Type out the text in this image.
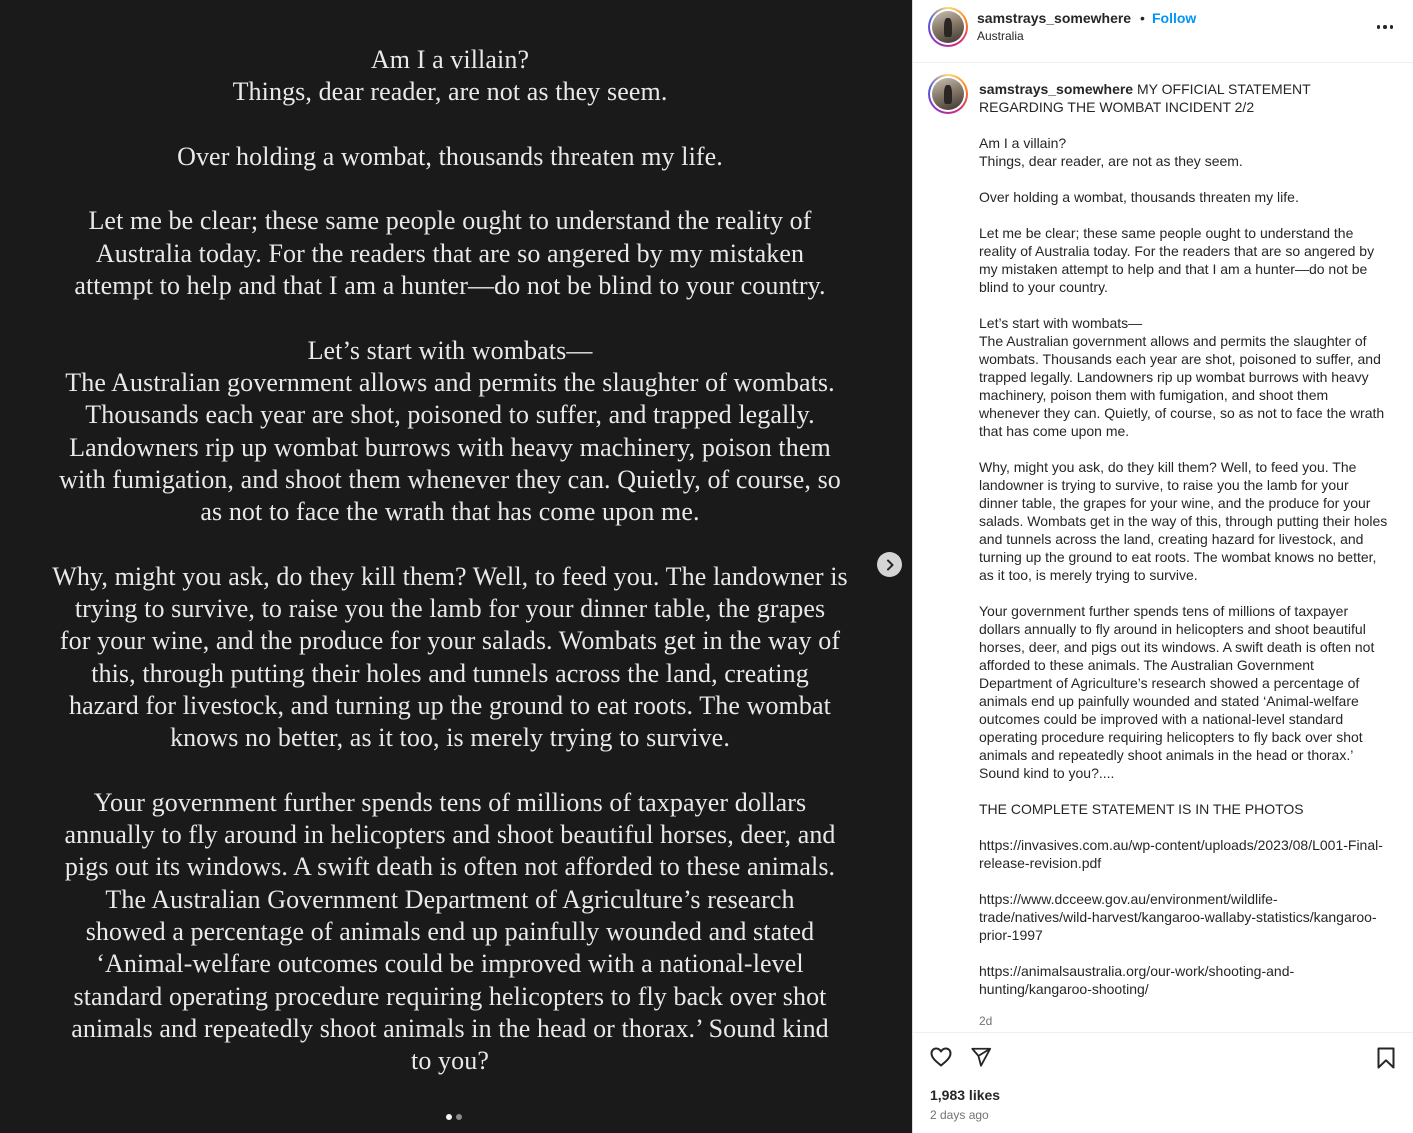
Am I a villain?
Things, dear reader, are not as they seem.

Over holding a wombat, thousands threaten my life.

Let me be clear; these same people ought to understand the reality of
Australia today. For the readers that are so angered by my mistaken
attempt to help and that I am a hunter—do not be blind to your country.

Let’s start with wombats—
The Australian government allows and permits the slaughter of wombats.
Thousands each year are shot, poisoned to suffer, and trapped legally.
Landowners rip up wombat burrows with heavy machinery, poison them
with fumigation, and shoot them whenever they can. Quietly, of course, so
as not to face the wrath that has come upon me.

Why, might you ask, do they kill them? Well, to feed you. The landowner is
trying to survive, to raise you the lamb for your dinner table, the grapes
for your wine, and the produce for your salads. Wombats get in the way of
this, through putting their holes and tunnels across the land, creating
hazard for livestock, and turning up the ground to eat roots. The wombat
knows no better, as it too, is merely trying to survive.

Your government further spends tens of millions of taxpayer dollars
annually to fly around in helicopters and shoot beautiful horses, deer, and
pigs out its windows. A swift death is often not afforded to these animals.
The Australian Government Department of Agriculture’s research
showed a percentage of animals end up painfully wounded and stated
‘Animal-welfare outcomes could be improved with a national-level
standard operating procedure requiring helicopters to fly back over shot
animals and repeatedly shoot animals in the head or thorax.’ Sound kind
to you?

samstrays_somewhere • Follow
Australia

samstrays_somewhere MY OFFICIAL STATEMENT REGARDING THE WOMBAT INCIDENT 2/2

Am I a villain?
Things, dear reader, are not as they seem.

Over holding a wombat, thousands threaten my life.

Let me be clear; these same people ought to understand the reality of Australia today. For the readers that are so angered by my mistaken attempt to help and that I am a hunter—do not be blind to your country.

Let’s start with wombats—
The Australian government allows and permits the slaughter of wombats. Thousands each year are shot, poisoned to suffer, and trapped legally. Landowners rip up wombat burrows with heavy machinery, poison them with fumigation, and shoot them whenever they can. Quietly, of course, so as not to face the wrath that has come upon me.

Why, might you ask, do they kill them? Well, to feed you. The landowner is trying to survive, to raise you the lamb for your dinner table, the grapes for your wine, and the produce for your salads. Wombats get in the way of this, through putting their holes and tunnels across the land, creating hazard for livestock, and turning up the ground to eat roots. The wombat knows no better, as it too, is merely trying to survive.

Your government further spends tens of millions of taxpayer dollars annually to fly around in helicopters and shoot beautiful horses, deer, and pigs out its windows. A swift death is often not afforded to these animals. The Australian Government Department of Agriculture’s research showed a percentage of animals end up painfully wounded and stated ‘Animal-welfare outcomes could be improved with a national-level standard operating procedure requiring helicopters to fly back over shot animals and repeatedly shoot animals in the head or thorax.’ Sound kind to you?....

THE COMPLETE STATEMENT IS IN THE PHOTOS

https://invasives.com.au/wp-content/uploads/2023/08/L001-Final-release-revision.pdf

https://www.dcceew.gov.au/environment/wildlife-trade/natives/wild-harvest/kangaroo-wallaby-statistics/kangaroo-prior-1997

https://animalsaustralia.org/our-work/shooting-and-hunting/kangaroo-shooting/

2d
1,983 likes
2 days ago
